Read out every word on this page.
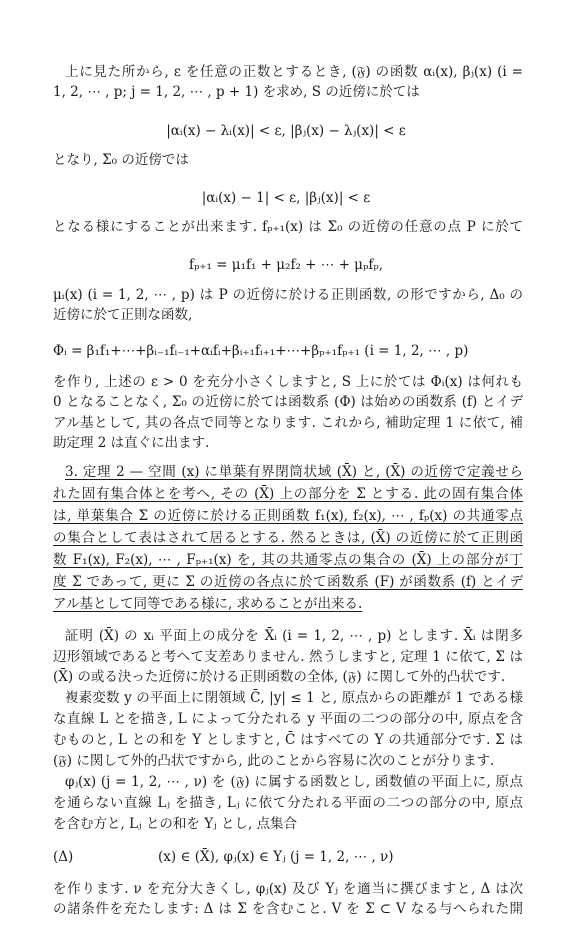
上に見た所から, ε を任意の正数とするとき, (𝔉) の函数 αᵢ(x), βⱼ(x) (i =
1, 2, ⋯ , p; j = 1, 2, ⋯ , p + 1) を求め, S の近傍に於ては
|αᵢ(x) − λᵢ(x)| < ε, |βⱼ(x) − λⱼ(x)| < ε
となり, Σ₀ の近傍では
|αᵢ(x) − 1| < ε, |βⱼ(x)| < ε
となる様にすることが出来ます. fₚ₊₁(x) は Σ₀ の近傍の任意の点 P に於て
fₚ₊₁ = μ₁f₁ + μ₂f₂ + ⋯ + μₚfₚ,
μᵢ(x) (i = 1, 2, ⋯ , p) は P の近傍に於ける正則函数, の形ですから, Δ₀ の
近傍に於て正則な函数,
Φᵢ = β₁f₁+⋯+βᵢ₋₁fᵢ₋₁+αᵢfᵢ+βᵢ₊₁fᵢ₊₁+⋯+βₚ₊₁fₚ₊₁ (i = 1, 2, ⋯ , p)
を作り, 上述の ε > 0 を充分小さくしますと, S 上に於ては Φᵢ(x) は何れも
0 となることなく, Σ₀ の近傍に於ては函数系 (Φ) は始めの函数系 (f) とイデ
アル基として, 其の各点で同等となります. これから, 補助定理 1 に依て, 補
助定理 2 は直ぐに出ます.
3. 定理 2 — 空間 (x) に単葉有界閉筒状域 (X̄) と, (X̄) の近傍で定義せら
れた固有集合体とを考へ, その (X̄) 上の部分を Σ とする. 此の固有集合体
は, 単葉集合 Σ の近傍に於ける正則函数 f₁(x), f₂(x), ⋯ , fₚ(x) の共通零点
の集合として表はされて居るとする. 然るときは, (X̄) の近傍に於て正則函
数 F₁(x), F₂(x), ⋯ , Fₚ₊₁(x) を, 其の共通零点の集合の (X̄) 上の部分が丁
度 Σ であって, 更に Σ の近傍の各点に於て函数系 (F) が函数系 (f) とイデ
アル基として同等である様に, 求めることが出来る.
証明 (X̄) の xᵢ 平面上の成分を X̄ᵢ (i = 1, 2, ⋯ , p) とします. X̄ᵢ は閉多
辺形領域であると考へて支差ありません. 然うしますと, 定理 1 に依て, Σ は
(X̄) の或る決った近傍に於ける正則函数の全体, (𝔉) に関して外的凸状です.
複素変数 y の平面上に閉領域 C̄, |y| ≤ 1 と, 原点からの距離が 1 である様
な直線 L とを描き, L によって分たれる y 平面の二つの部分の中, 原点を含
むものと, L との和を Y としますと, C̄ はすべての Y の共通部分です. Σ は
(𝔉) に関して外的凸状ですから, 此のことから容易に次のことが分ります.
φⱼ(x) (j = 1, 2, ⋯ , ν) を (𝔉) に属する函数とし, 函数値の平面上に, 原点
を通らない直線 Lⱼ を描き, Lⱼ に依て分たれる平面の二つの部分の中, 原点
を含む方と, Lⱼ との和を Yⱼ とし, 点集合
(Δ)	(x) ∈ (X̄), φⱼ(x) ∈ Yⱼ (j = 1, 2, ⋯ , ν)
を作ります. ν を充分大きくし, φⱼ(x) 及び Yⱼ を適当に撰びますと, Δ は次
の諸条件を充たします: Δ は Σ を含むこと. V を Σ ⊂ V なる与へられた開
